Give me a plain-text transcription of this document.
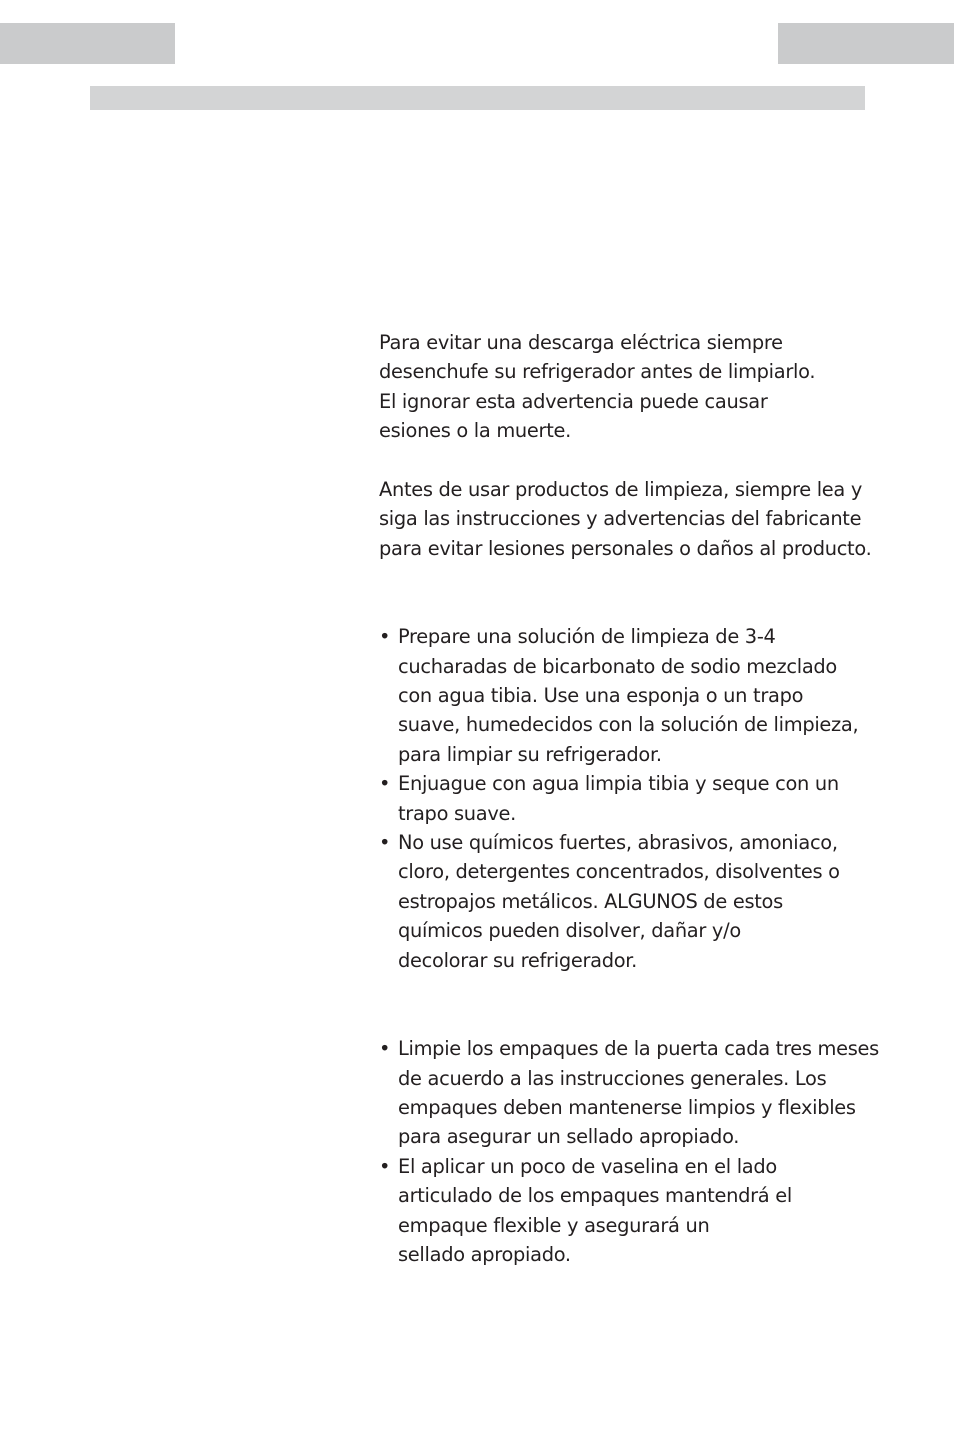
Para evitar una descarga eléctrica siempre
desenchufe su refrigerador antes de limpiarlo.
El ignorar esta advertencia puede causar
esiones o la muerte.

Antes de usar productos de limpieza, siempre lea y
siga las instrucciones y advertencias del fabricante
para evitar lesiones personales o daños al producto.

• Prepare una solución de limpieza de 3-4
cucharadas de bicarbonato de sodio mezclado
con agua tibia. Use una esponja o un trapo
suave, humedecidos con la solución de limpieza,
para limpiar su refrigerador.
• Enjuague con agua limpia tibia y seque con un
trapo suave.
• No use químicos fuertes, abrasivos, amoniaco,
cloro, detergentes concentrados, disolventes o
estropajos metálicos. ALGUNOS de estos
químicos pueden disolver, dañar y/o
decolorar su refrigerador.
• Limpie los empaques de la puerta cada tres meses
de acuerdo a las instrucciones generales. Los
empaques deben mantenerse limpios y flexibles
para asegurar un sellado apropiado.
• El aplicar un poco de vaselina en el lado
articulado de los empaques mantendrá el
empaque flexible y asegurará un
sellado apropiado.
